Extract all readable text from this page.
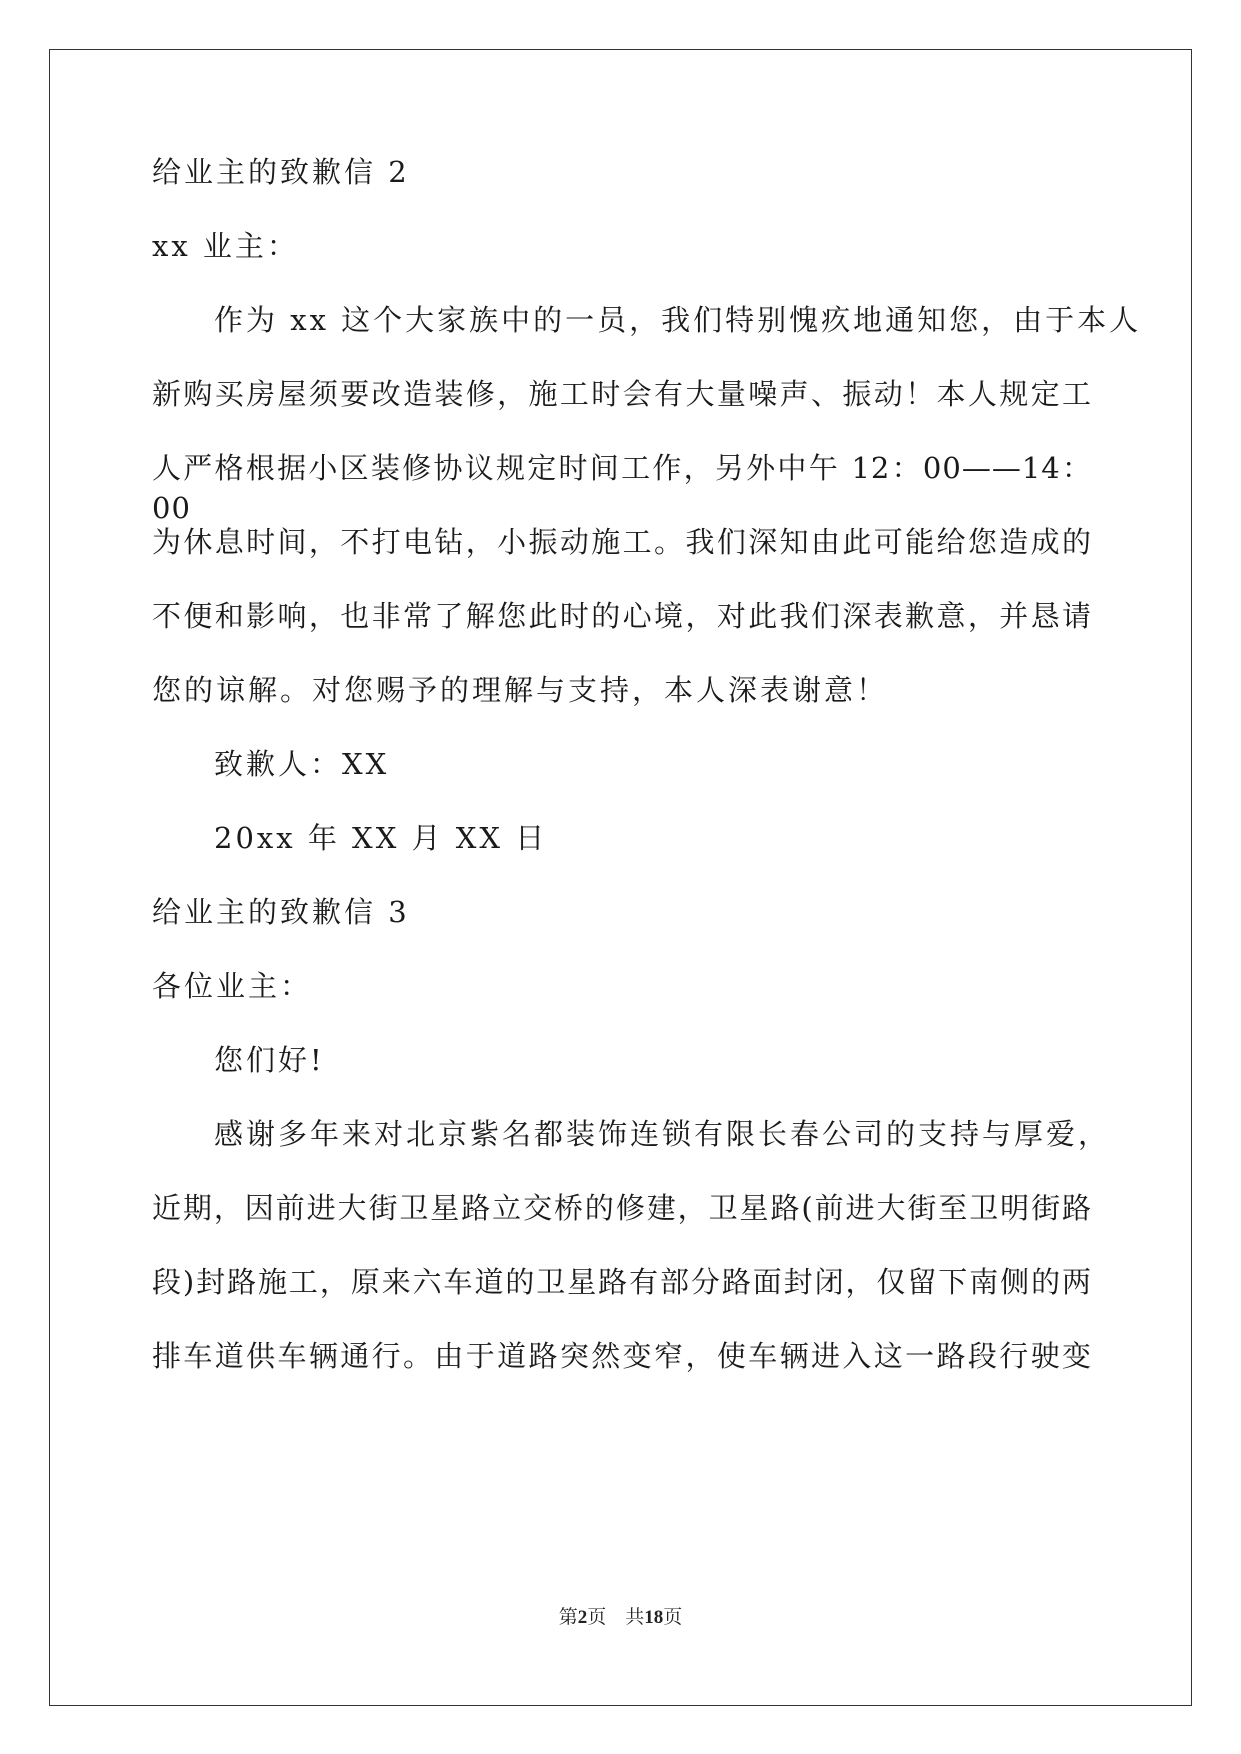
给业主的致歉信 2
xx 业主：
作为 xx 这个大家族中的一员，我们特别愧疚地通知您，由于本人
新购买房屋须要改造装修，施工时会有大量噪声、振动！本人规定工
人严格根据小区装修协议规定时间工作，另外中午 12：00——14：00
为休息时间，不打电钻，小振动施工。我们深知由此可能给您造成的
不便和影响，也非常了解您此时的心境，对此我们深表歉意，并恳请
您的谅解。对您赐予的理解与支持，本人深表谢意！
致歉人：XX
20xx 年 XX 月 XX 日
给业主的致歉信 3
各位业主：
您们好!
感谢多年来对北京紫名都装饰连锁有限长春公司的支持与厚爱，
近期，因前进大街卫星路立交桥的修建，卫星路(前进大街至卫明街路
段)封路施工，原来六车道的卫星路有部分路面封闭，仅留下南侧的两
排车道供车辆通行。由于道路突然变窄，使车辆进入这一路段行驶变
第2页 共18页
